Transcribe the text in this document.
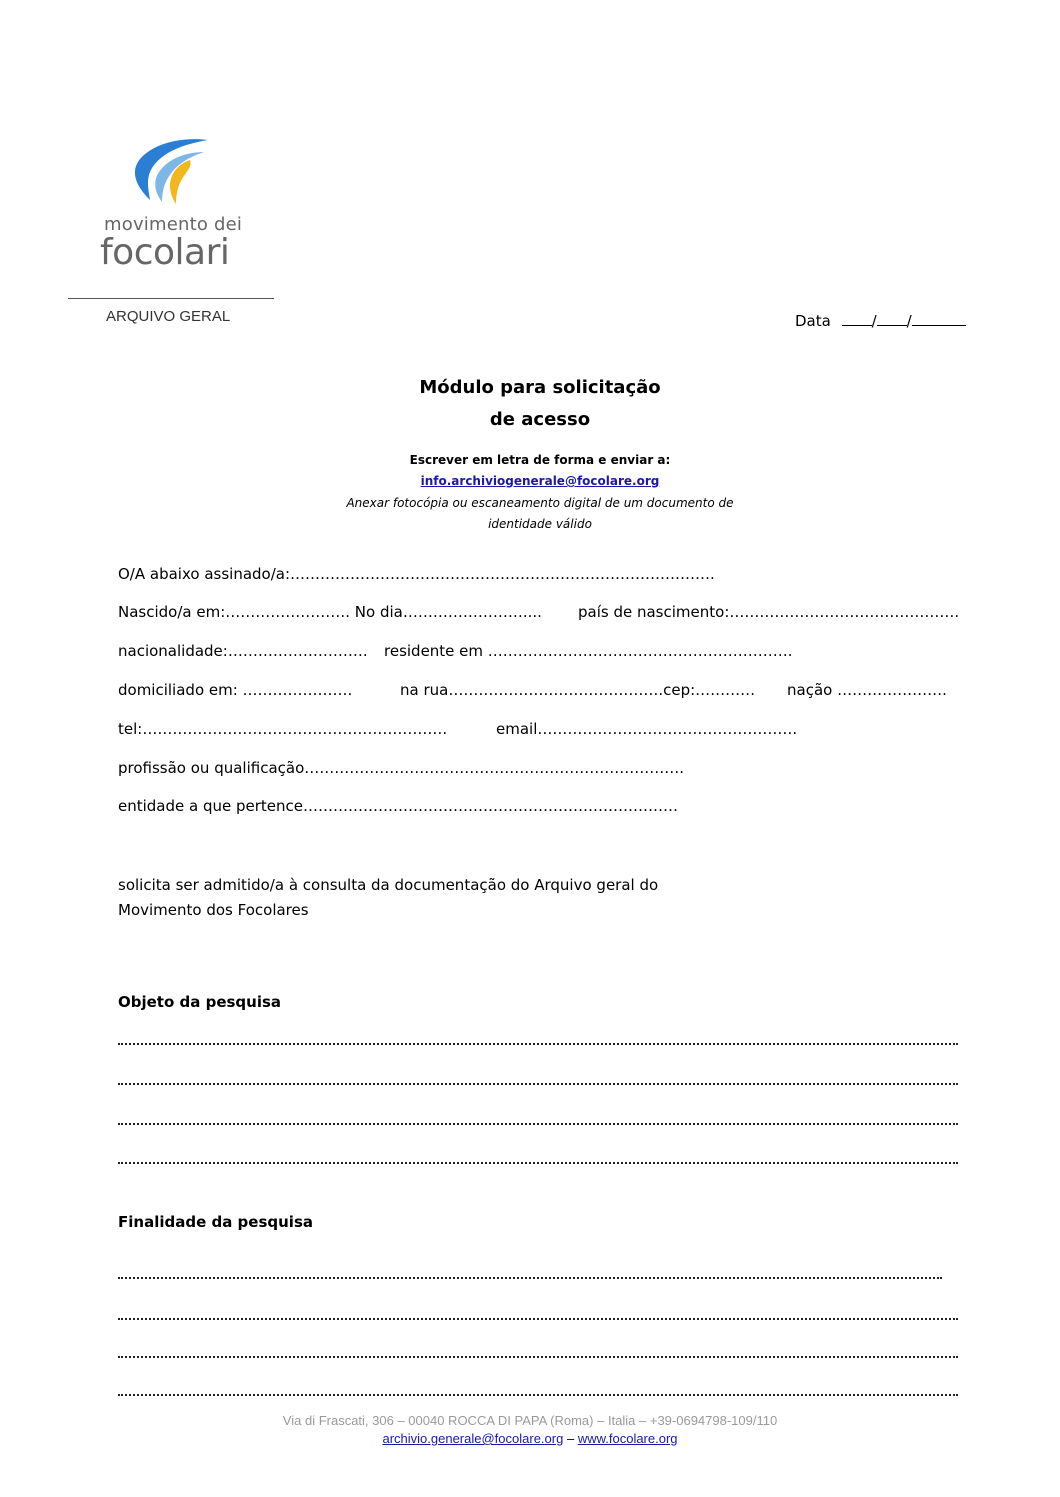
movimento dei
focolari
ARQUIVO GERAL	Data	/ /
Módulo para solicitação
de acesso
Escrever em letra de forma e enviar a:
info.archiviogenerale@focolare.org
Anexar fotocópia ou escaneamento digital de um documento de
identidade válido
O/A abaixo assinado/a:………………………………………………………………………….
Nascido/a em:……………………. No dia…………………….... país de nascimento:……………………………………….
nacionalidade:………………………. residente em …………………………………………………….
domiciliado em: ………………….	na rua…………………………………….cep:………… nação ………………….
tel:…………………………………………………….	email…………………………………………….
profissão ou qualificação………………………………………………………………….
entidade a que pertence…………………………………………………………………
solicita ser admitido/a à consulta da documentação do Arquivo geral do
Movimento dos Focolares
Objeto da pesquisa
Finalidade da pesquisa
Via di Frascati, 306 – 00040 ROCCA DI PAPA (Roma) – Italia – +39-0694798-109/110
archivio.generale@focolare.org – www.focolare.org
